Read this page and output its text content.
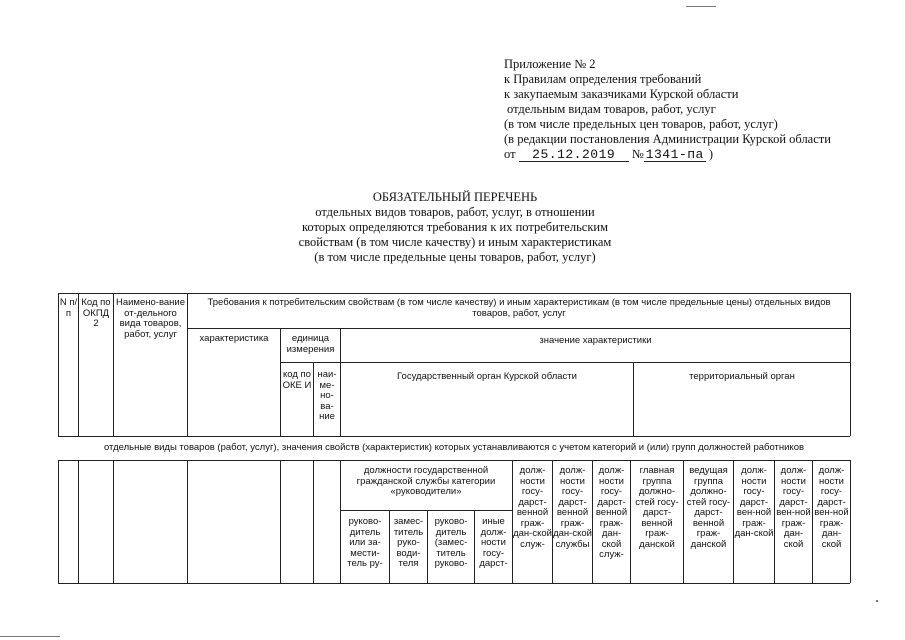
Приложение № 2
к Правилам определения требований
к закупаемым заказчиками Курской области
отдельным видам товаров, работ, услуг
(в том числе предельных цен товаров, работ, услуг)
(в редакции постановления Администрации Курской области
от 25.12.2019 № 1341-па )
ОБЯЗАТЕЛЬНЫЙ ПЕРЕЧЕНЬ
отдельных видов товаров, работ, услуг, в отношении
которых определяются требования к их потребительским
свойствам (в том числе качеству) и иным характеристикам
(в том числе предельные цены товаров, работ, услуг)
N п/п
Код по ОКПД 2
Наимено-вание от-дельного вида товаров, работ, услуг
Требования к потребительским свойствам (в том числе качеству) и иным характеристикам (в том числе предельные цены) отдельных видов товаров, работ, услуг
характеристика	единица измерения
значение характеристики
код по ОКЕ И
наи-ме-но-ва-ние
Государственный орган Курской области	территориальный орган
отдельные виды товаров (работ, услуг), значения свойств (характеристик) которых устанавливаются с учетом категорий и (или) групп должностей работников
должности государственной гражданской службы категории «руководители»
руково-дитель или за-мести-тель ру-
замес-титель руко-води-теля
руково-дитель (замес-титель руково-
иные долж-ности госу-дарст-
долж-ности госу-дарст-венной граж-дан-ской служ-
долж-ности госу-дарст-венной граж-дан-ской службы
долж-ности госу-дарст-венной граж-дан-ской служ-
главная группа должно-стей госу-дарст-венной граж-данской
ведущая группа должно-стей госу-дарст-венной граж-данской
долж-ности госу-дарст-вен-ной граж-дан-ской
долж-ности госу-дарст-вен-ной граж-дан-ской
долж-ности госу-дарст-вен-ной граж-дан-ской
